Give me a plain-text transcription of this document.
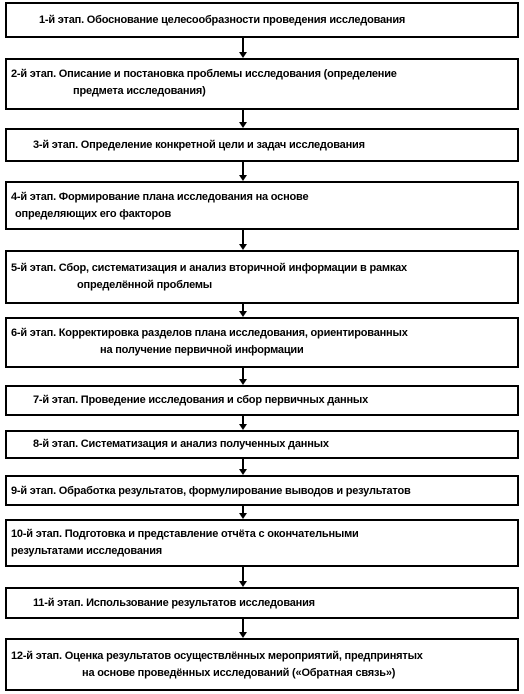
1-й этап. Обоснование целесообразности проведения исследования
2-й этап. Описание и постановка проблемы исследования (определение
предмета исследования)
3-й этап. Определение конкретной цели и задач исследования
4-й этап. Формирование плана исследования на основе
определяющих его факторов
5-й этап. Сбор, систематизация и анализ вторичной информации в рамках
определённой проблемы
6-й этап. Корректировка разделов плана исследования, ориентированных
на получение первичной информации
7-й этап. Проведение исследования и сбор первичных данных
8-й этап. Систематизация и анализ полученных данных
9-й этап. Обработка результатов, формулирование выводов и результатов
10-й этап. Подготовка и представление отчёта с окончательными
результатами исследования
11-й этап. Использование результатов исследования
12-й этап. Оценка результатов осуществлённых мероприятий, предпринятых
на основе проведённых исследований («Обратная связь»)
